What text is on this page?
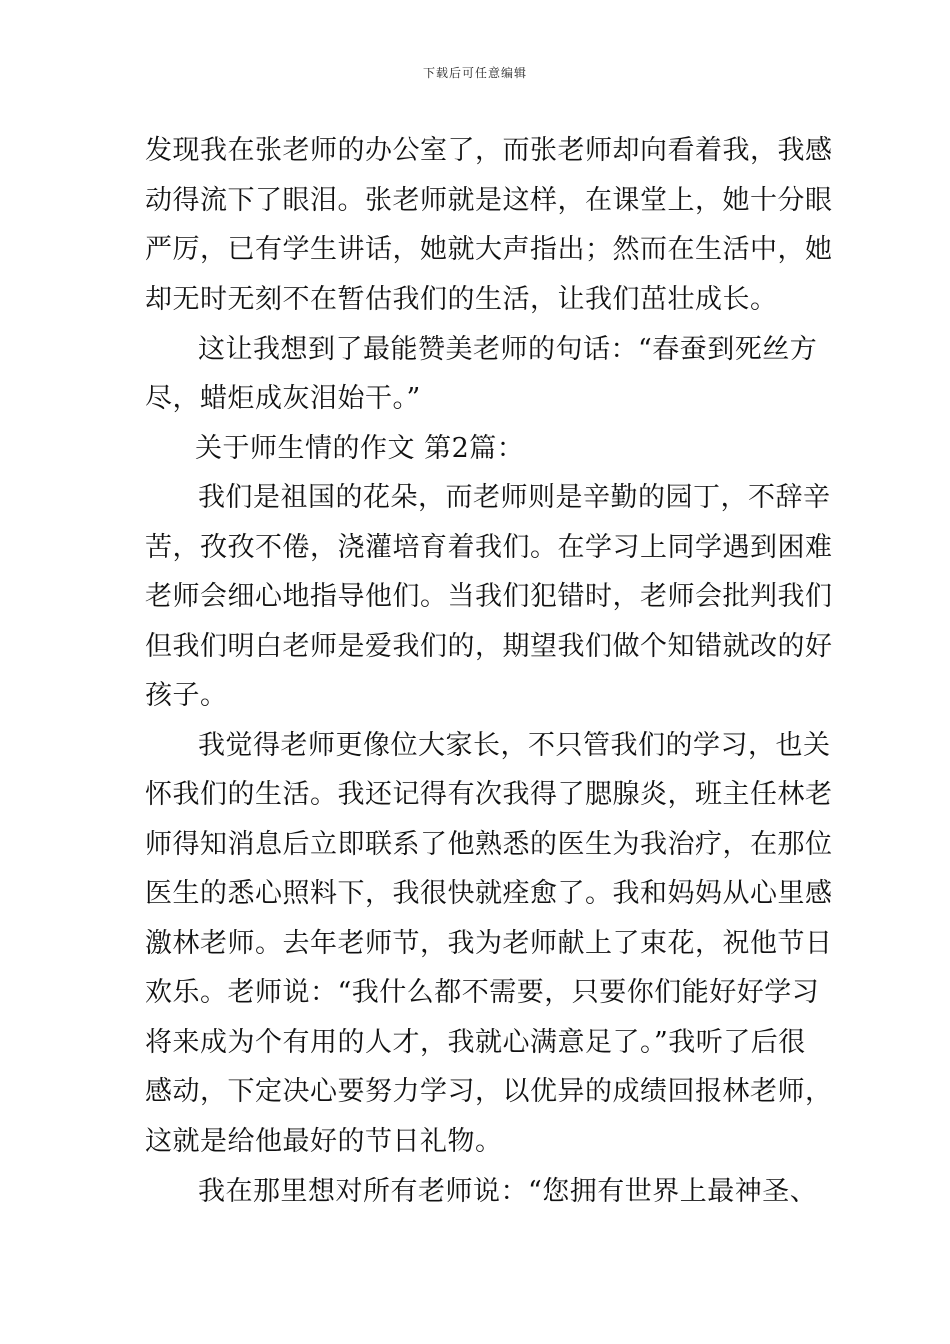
下载后可任意编辑
发现我在张老师的办公室了，而张老师却向看着我，我感
动得流下了眼泪。张老师就是这样，在课堂上，她十分眼
严厉，已有学生讲话，她就大声指出；然而在生活中，她
却无时无刻不在暂估我们的生活，让我们茁壮成长。
这让我想到了最能赞美老师的句话：“春蚕到死丝方
尽，蜡炬成灰泪始干。”
关于师生情的作文 第2篇：
我们是祖国的花朵，而老师则是辛勤的园丁，不辞辛
苦，孜孜不倦，浇灌培育着我们。在学习上同学遇到困难
老师会细心地指导他们。当我们犯错时，老师会批判我们
但我们明白老师是爱我们的，期望我们做个知错就改的好
孩子。
我觉得老师更像位大家长，不只管我们的学习，也关
怀我们的生活。我还记得有次我得了腮腺炎，班主任林老
师得知消息后立即联系了他熟悉的医生为我治疗，在那位
医生的悉心照料下，我很快就痊愈了。我和妈妈从心里感
激林老师。去年老师节，我为老师献上了束花，祝他节日
欢乐。老师说：“我什么都不需要，只要你们能好好学习
将来成为个有用的人才，我就心满意足了。”我听了后很
感动，下定决心要努力学习，以优异的成绩回报林老师，
这就是给他最好的节日礼物。
我在那里想对所有老师说：“您拥有世界上最神圣、
